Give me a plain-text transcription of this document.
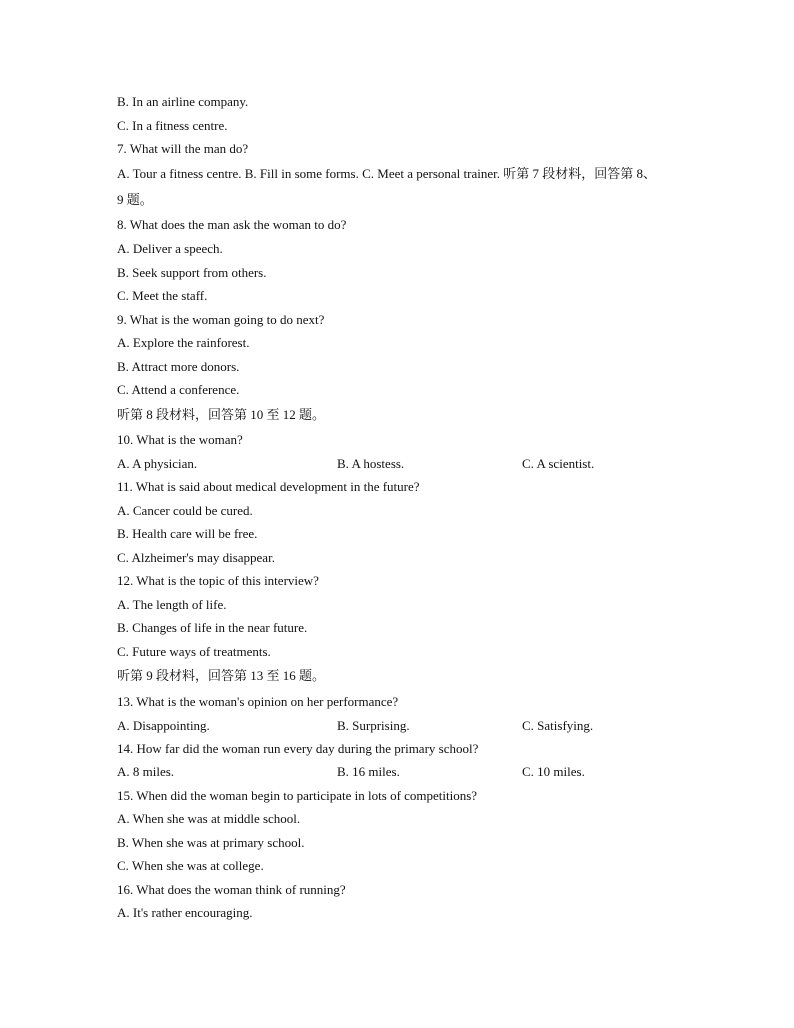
B. In an airline company.
C. In a fitness centre.
7. What will the man do?
A. Tour a fitness centre. B. Fill in some forms. C. Meet a personal trainer. 听第 7 段材料，回答第 8、
9 题。
8. What does the man ask the woman to do?
A. Deliver a speech.
B. Seek support from others.
C. Meet the staff.
9. What is the woman going to do next?
A. Explore the rainforest.
B. Attract more donors.
C. Attend a conference.
听第 8 段材料，回答第 10 至 12 题。
10. What is the woman?
A. A physician.	B. A hostess.	C. A scientist.
11. What is said about medical development in the future?
A. Cancer could be cured.
B. Health care will be free.
C. Alzheimer's may disappear.
12. What is the topic of this interview?
A. The length of life.
B. Changes of life in the near future.
C. Future ways of treatments.
听第 9 段材料，回答第 13 至 16 题。
13. What is the woman's opinion on her performance?
A. Disappointing.	B. Surprising.	C. Satisfying.
14. How far did the woman run every day during the primary school?
A. 8 miles.	B. 16 miles.	C. 10 miles.
15. When did the woman begin to participate in lots of competitions?
A. When she was at middle school.
B. When she was at primary school.
C. When she was at college.
16. What does the woman think of running?
A. It's rather encouraging.
